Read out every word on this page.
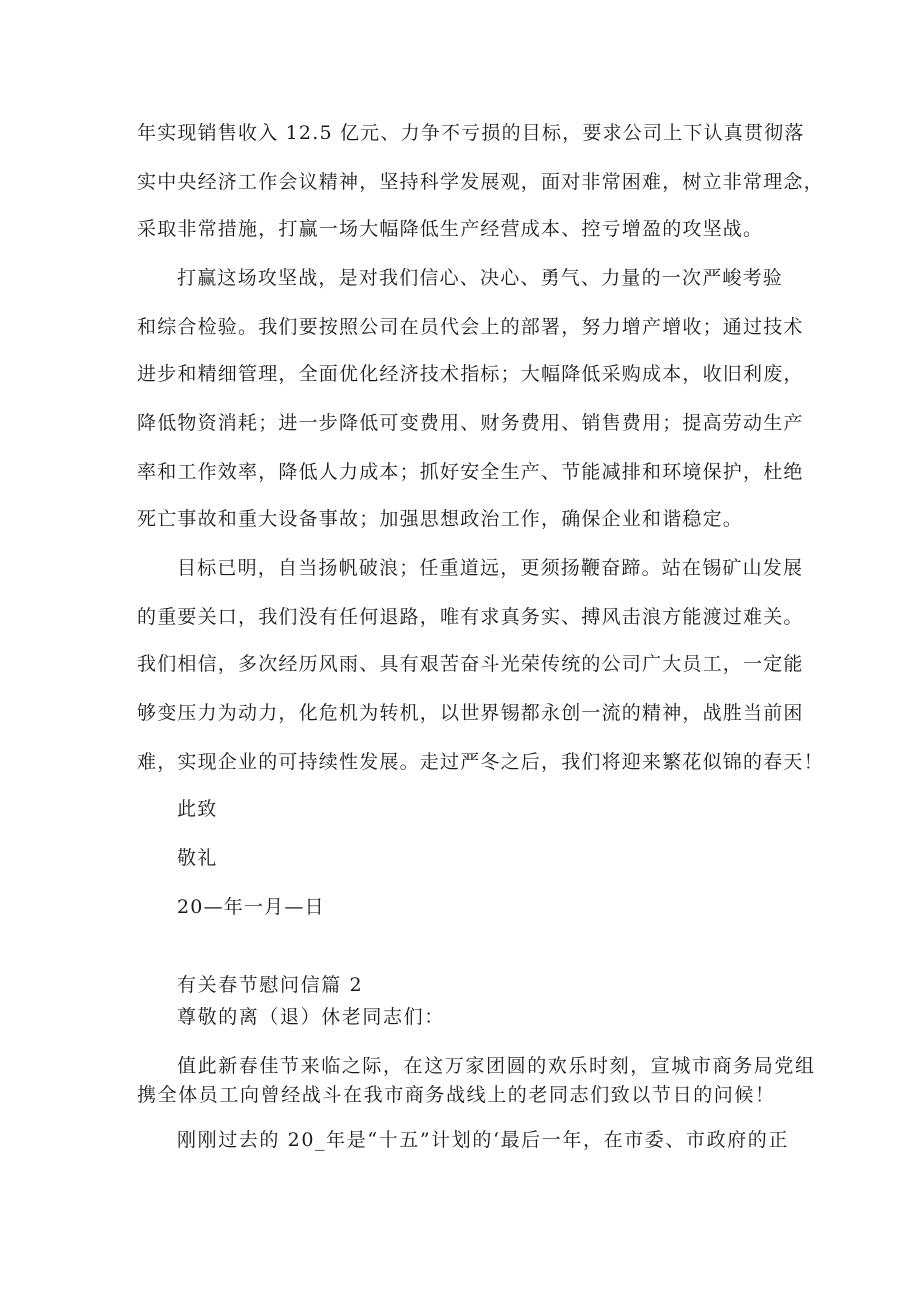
年实现销售收入 12.5 亿元、力争不亏损的目标，要求公司上下认真贯彻落
实中央经济工作会议精神，坚持科学发展观，面对非常困难，树立非常理念，
采取非常措施，打赢一场大幅降低生产经营成本、控亏增盈的攻坚战。
打赢这场攻坚战，是对我们信心、决心、勇气、力量的一次严峻考验
和综合检验。我们要按照公司在员代会上的部署，努力增产增收；通过技术
进步和精细管理，全面优化经济技术指标；大幅降低采购成本，收旧利废，
降低物资消耗；进一步降低可变费用、财务费用、销售费用；提高劳动生产
率和工作效率，降低人力成本；抓好安全生产、节能减排和环境保护，杜绝
死亡事故和重大设备事故；加强思想政治工作，确保企业和谐稳定。
目标已明，自当扬帆破浪；任重道远，更须扬鞭奋蹄。站在锡矿山发展
的重要关口，我们没有任何退路，唯有求真务实、搏风击浪方能渡过难关。
我们相信，多次经历风雨、具有艰苦奋斗光荣传统的公司广大员工，一定能
够变压力为动力，化危机为转机，以世界锡都永创一流的精神，战胜当前困
难，实现企业的可持续性发展。走过严冬之后，我们将迎来繁花似锦的春天！
此致
敬礼
20—年一月—日
有关春节慰问信篇 2
尊敬的离（退）休老同志们：
值此新春佳节来临之际，在这万家团圆的欢乐时刻，宣城市商务局党组
携全体员工向曾经战斗在我市商务战线上的老同志们致以节日的问候！
刚刚过去的 20_年是“十五”计划的‘最后一年，在市委、市政府的正
